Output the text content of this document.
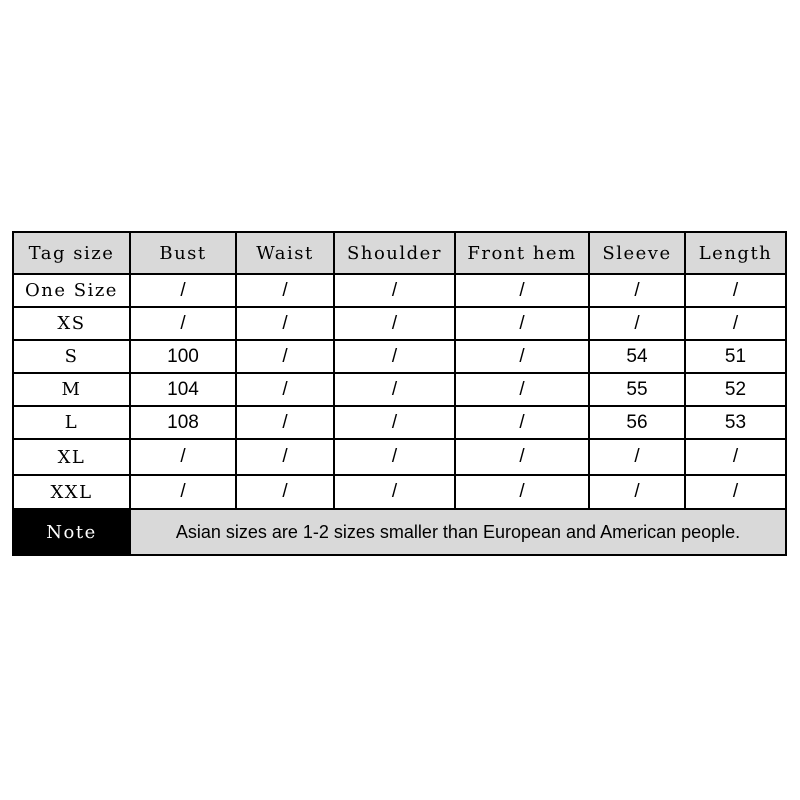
Tag size	Bust	Waist	Shoulder	Front hem	Sleeve	Length
One Size	/	/	/	/	/	/
XS	/	/	/	/	/	/
S	100	/	/	/	54	51
M	104	/	/	/	55	52
L	108	/	/	/	56	53
XL	/	/	/	/	/	/
XXL	/	/	/	/	/	/
Note	Asian sizes are 1-2 sizes smaller than European and American people.					
